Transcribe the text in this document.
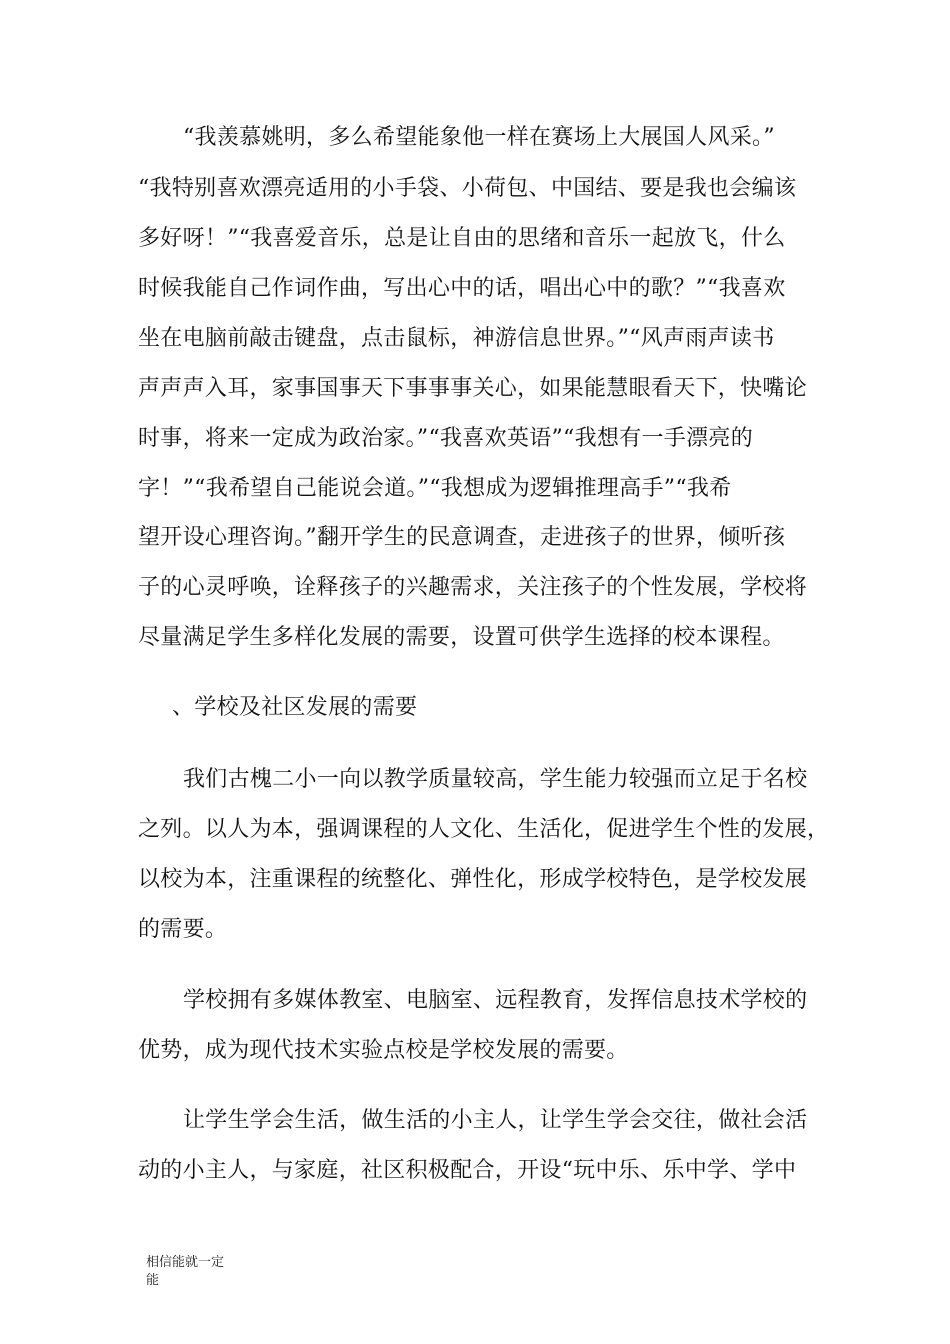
“我羡慕姚明，多么希望能象他一样在赛场上大展国人风采。”
“我特别喜欢漂亮适用的小手袋、小荷包、中国结、要是我也会编该
多好呀！”“我喜爱音乐，总是让自由的思绪和音乐一起放飞，什么
时候我能自己作词作曲，写出心中的话，唱出心中的歌？”“我喜欢
坐在电脑前敲击键盘，点击鼠标，神游信息世界。”“风声雨声读书
声声声入耳，家事国事天下事事事关心，如果能慧眼看天下，快嘴论
时事，将来一定成为政治家。”“我喜欢英语”“我想有一手漂亮的
字！”“我希望自己能说会道。”“我想成为逻辑推理高手”“我希
望开设心理咨询。”翻开学生的民意调查，走进孩子的世界，倾听孩
子的心灵呼唤，诠释孩子的兴趣需求，关注孩子的个性发展，学校将
尽量满足学生多样化发展的需要，设置可供学生选择的校本课程。
、学校及社区发展的需要
我们古槐二小一向以教学质量较高，学生能力较强而立足于名校
之列。以人为本，强调课程的人文化、生活化，促进学生个性的发展，
以校为本，注重课程的统整化、弹性化，形成学校特色，是学校发展
的需要。
学校拥有多媒体教室、电脑室、远程教育，发挥信息技术学校的
优势，成为现代技术实验点校是学校发展的需要。
让学生学会生活，做生活的小主人，让学生学会交往，做社会活
动的小主人，与家庭，社区积极配合，开设“玩中乐、乐中学、学中
相信能就一定
能
